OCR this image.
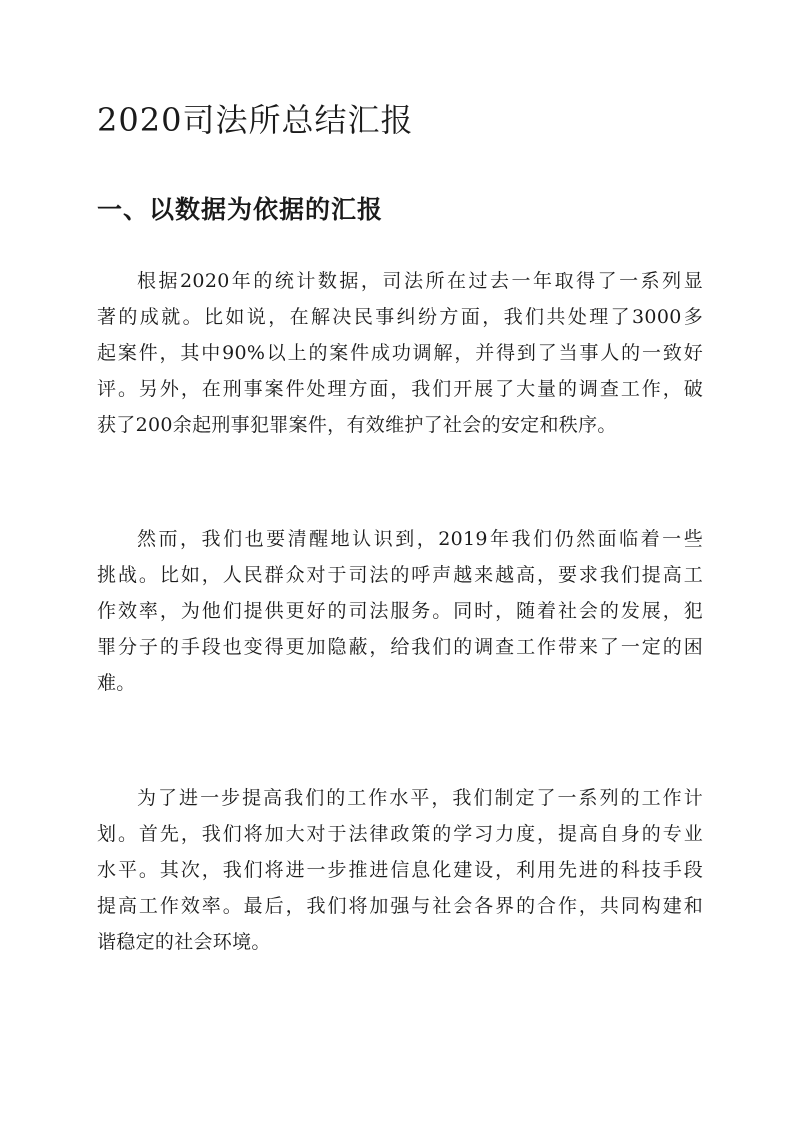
2020司法所总结汇报
一、以数据为依据的汇报
根据2020年的统计数据，司法所在过去一年取得了一系列显
著的成就。比如说，在解决民事纠纷方面，我们共处理了3000多
起案件，其中90%以上的案件成功调解，并得到了当事人的一致好
评。另外，在刑事案件处理方面，我们开展了大量的调查工作，破
获了200余起刑事犯罪案件，有效维护了社会的安定和秩序。
然而，我们也要清醒地认识到，2019年我们仍然面临着一些
挑战。比如，人民群众对于司法的呼声越来越高，要求我们提高工
作效率，为他们提供更好的司法服务。同时，随着社会的发展，犯
罪分子的手段也变得更加隐蔽，给我们的调查工作带来了一定的困
难。
为了进一步提高我们的工作水平，我们制定了一系列的工作计
划。首先，我们将加大对于法律政策的学习力度，提高自身的专业
水平。其次，我们将进一步推进信息化建设，利用先进的科技手段
提高工作效率。最后，我们将加强与社会各界的合作，共同构建和
谐稳定的社会环境。
